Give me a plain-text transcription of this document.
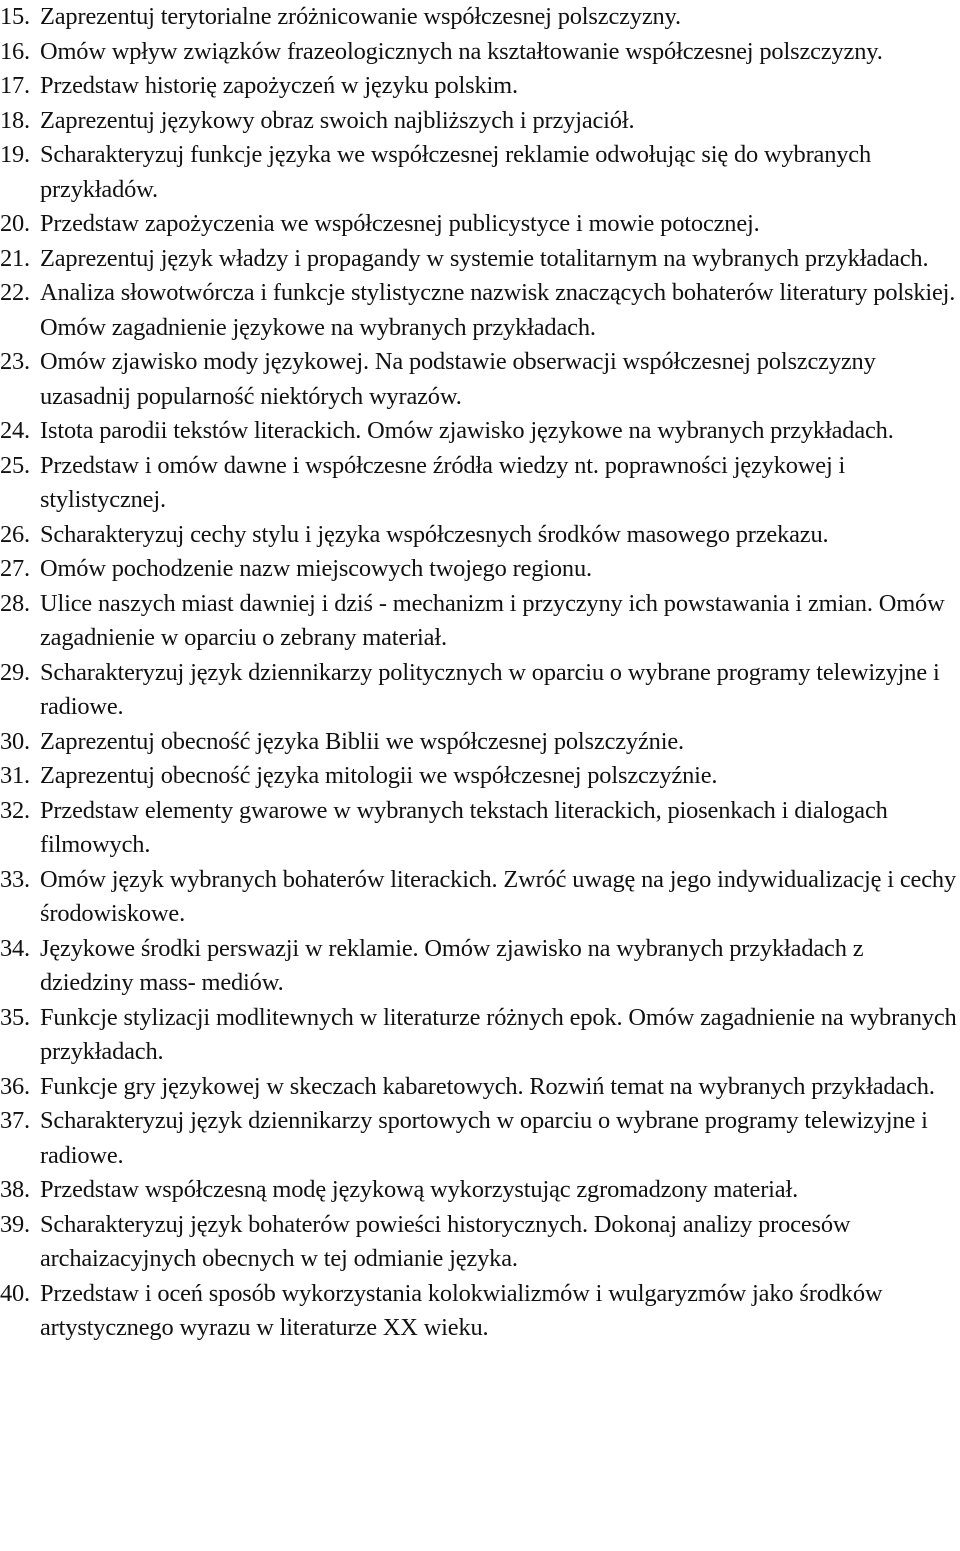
15. Zaprezentuj terytorialne zróżnicowanie współczesnej polszczyzny.
16. Omów wpływ związków frazeologicznych na kształtowanie współczesnej polszczyzny.
17. Przedstaw historię zapożyczeń w języku polskim.
18. Zaprezentuj językowy obraz swoich najbliższych i przyjaciół.
19. Scharakteryzuj funkcje języka we współczesnej reklamie odwołując się do wybranych przykładów.
20. Przedstaw zapożyczenia we współczesnej publicystyce i mowie potocznej.
21. Zaprezentuj język władzy i propagandy w systemie totalitarnym na wybranych przykładach.
22. Analiza słowotwórcza i funkcje stylistyczne nazwisk znaczących bohaterów literatury polskiej. Omów zagadnienie językowe na wybranych przykładach.
23. Omów zjawisko mody językowej. Na podstawie obserwacji współczesnej polszczyzny uzasadnij popularność niektórych wyrazów.
24. Istota parodii tekstów literackich. Omów zjawisko językowe na wybranych przykładach.
25. Przedstaw i omów dawne i współczesne źródła wiedzy nt. poprawności językowej i stylistycznej.
26. Scharakteryzuj cechy stylu i języka współczesnych środków masowego przekazu.
27. Omów pochodzenie nazw miejscowych twojego regionu.
28. Ulice naszych miast dawniej i dziś - mechanizm i przyczyny ich powstawania i zmian. Omów zagadnienie w oparciu o zebrany materiał.
29. Scharakteryzuj język dziennikarzy politycznych w oparciu o wybrane programy telewizyjne i radiowe.
30. Zaprezentuj obecność języka Biblii we współczesnej polszczyźnie.
31. Zaprezentuj obecność języka mitologii we współczesnej polszczyźnie.
32. Przedstaw elementy gwarowe w wybranych tekstach literackich, piosenkach i dialogach filmowych.
33. Omów język wybranych bohaterów literackich. Zwróć uwagę na jego indywidualizację i cechy środowiskowe.
34. Językowe środki perswazji w reklamie. Omów zjawisko na wybranych przykładach z dziedziny mass- mediów.
35. Funkcje stylizacji modlitewnych w literaturze różnych epok. Omów zagadnienie na wybranych przykładach.
36. Funkcje gry językowej w skeczach kabaretowych. Rozwiń temat na wybranych przykładach.
37. Scharakteryzuj język dziennikarzy sportowych w oparciu o wybrane programy telewizyjne i radiowe.
38. Przedstaw współczesną modę językową wykorzystując zgromadzony materiał.
39. Scharakteryzuj język bohaterów powieści historycznych. Dokonaj analizy procesów archaizacyjnych obecnych w tej odmianie języka.
40. Przedstaw i oceń sposób wykorzystania kolokwializmów i wulgaryzmów jako środków artystycznego wyrazu w literaturze XX wieku.
